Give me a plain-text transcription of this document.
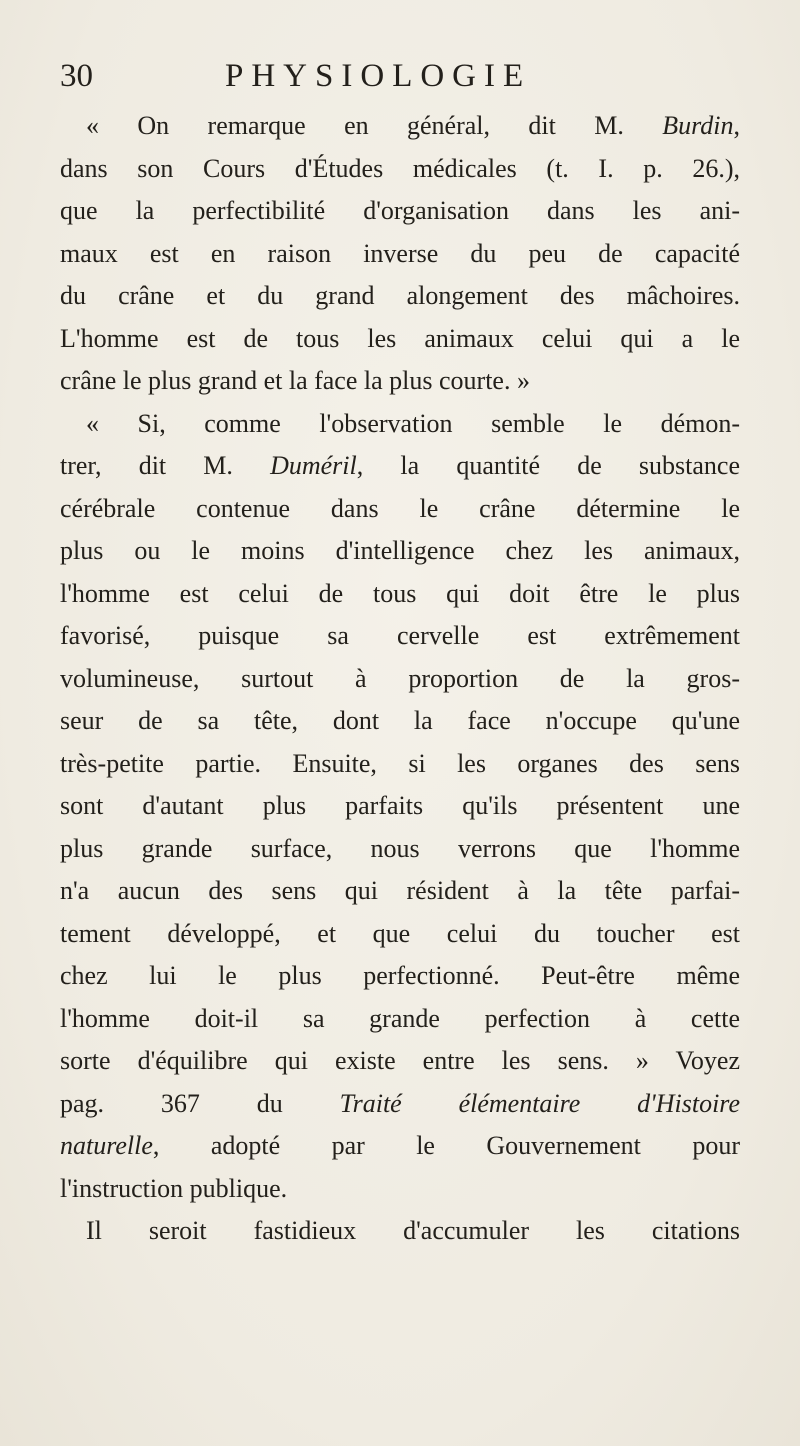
30	PHYSIOLOGIE
« On remarque en général, dit M. Burdin,
dans son Cours d'Études médicales (t. I. p. 26.),
que la perfectibilité d'organisation dans les ani-
maux est en raison inverse du peu de capacité
du crâne et du grand alongement des mâchoires.
L'homme est de tous les animaux celui qui a le
crâne le plus grand et la face la plus courte. »
« Si, comme l'observation semble le démon-
trer, dit M. Duméril, la quantité de substance
cérébrale contenue dans le crâne détermine le
plus ou le moins d'intelligence chez les animaux,
l'homme est celui de tous qui doit être le plus
favorisé, puisque sa cervelle est extrêmement
volumineuse, surtout à proportion de la gros-
seur de sa tête, dont la face n'occupe qu'une
très-petite partie. Ensuite, si les organes des sens
sont d'autant plus parfaits qu'ils présentent une
plus grande surface, nous verrons que l'homme
n'a aucun des sens qui résident à la tête parfai-
tement développé, et que celui du toucher est
chez lui le plus perfectionné. Peut-être même
l'homme doit-il sa grande perfection à cette
sorte d'équilibre qui existe entre les sens. » Voyez
pag. 367 du Traité élémentaire d'Histoire
naturelle, adopté par le Gouvernement pour
l'instruction publique.
Il seroit fastidieux d'accumuler les citations
